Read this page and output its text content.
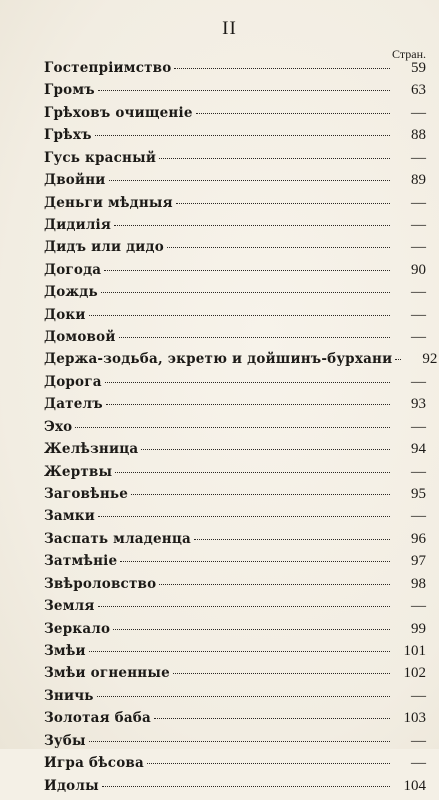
II
Стран.
Гостепріимство	59
Громъ	63
Грѣховъ очищеніе	—
Грѣхъ	88
Гусь красный	—
Двойни	89
Деньги мѣдныя	—
Дидилія	—
Дидъ или дидо	—
Догода	90
Дождь	—
Доки	—
Домовой	—
Держа-зодьба, экретю и дойшинъ-бурхани	92
Дорога	—
Дателъ	93
Эхо	—
Желѣзница	94
Жертвы	—
Заговѣнье	95
Замки	—
Заспать младенца	96
Затмѣніе	97
Звѣроловство	98
Земля	—
Зеркало	99
Змѣи	101
Змѣи огненные	102
Зничь	—
Золотая баба	103
Зубы	—
Игра бѣсова	—
Идолы	104
